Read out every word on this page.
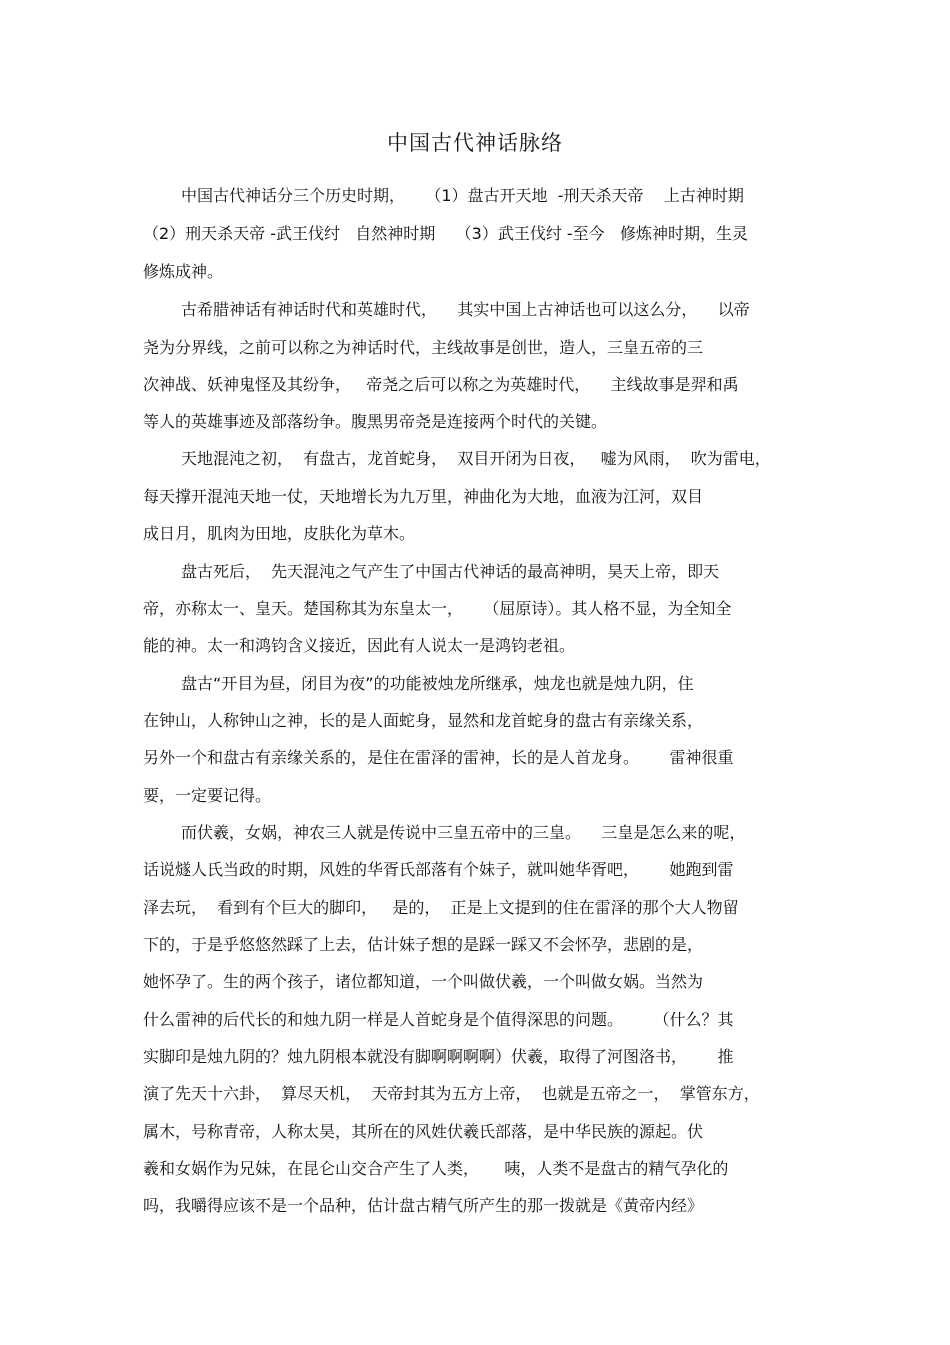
中国古代神话脉络
中国古代神话分三个历史时期，    （1）盘古开天地  -刑天杀天帝    上古神时期
（2）刑天杀天帝 -武王伐纣   自然神时期    （3）武王伐纣 -至今   修炼神时期，生灵
修炼成神。
古希腊神话有神话时代和英雄时代，    其实中国上古神话也可以这么分，    以帝
尧为分界线，之前可以称之为神话时代，主线故事是创世，造人，三皇五帝的三
次神战、妖神鬼怪及其纷争，   帝尧之后可以称之为英雄时代，    主线故事是羿和禹
等人的英雄事迹及部落纷争。腹黑男帝尧是连接两个时代的关键。
天地混沌之初，  有盘古，龙首蛇身，  双目开闭为日夜，   嘘为风雨，  吹为雷电，
每天撑开混沌天地一仗，天地增长为九万里，神曲化为大地，血液为江河，双目
成日月，肌肉为田地，皮肤化为草木。
盘古死后，  先天混沌之气产生了中国古代神话的最高神明，昊天上帝，即天
帝，亦称太一、皇天。楚国称其为东皇太一，    （屈原诗）。其人格不显，为全知全
能的神。太一和鸿钧含义接近，因此有人说太一是鸿钧老祖。
盘古“开目为昼，闭目为夜”的功能被烛龙所继承，烛龙也就是烛九阴，住
在钟山，人称钟山之神，长的是人面蛇身，显然和龙首蛇身的盘古有亲缘关系，
另外一个和盘古有亲缘关系的，是住在雷泽的雷神，长的是人首龙身。      雷神很重
要，一定要记得。
而伏羲，女娲，神农三人就是传说中三皇五帝中的三皇。    三皇是怎么来的呢，
话说燧人氏当政的时期，风姓的华胥氏部落有个妹子，就叫她华胥吧，      她跑到雷
泽去玩，  看到有个巨大的脚印，   是的，  正是上文提到的住在雷泽的那个大人物留
下的，于是乎悠悠然踩了上去，估计妹子想的是踩一踩又不会怀孕，悲剧的是，
她怀孕了。生的两个孩子，诸位都知道，一个叫做伏羲，一个叫做女娲。当然为
什么雷神的后代长的和烛九阴一样是人首蛇身是个值得深思的问题。      （什么？其
实脚印是烛九阴的？烛九阴根本就没有脚啊啊啊啊）伏羲，取得了河图洛书，      推
演了先天十六卦，  算尽天机，  天帝封其为五方上帝，  也就是五帝之一，  掌管东方，
属木，号称青帝，人称太昊，其所在的风姓伏羲氏部落，是中华民族的源起。伏
羲和女娲作为兄妹，在昆仑山交合产生了人类，     咦，人类不是盘古的精气孕化的
吗，我嚼得应该不是一个品种，估计盘古精气所产生的那一拨就是《黄帝内经》
